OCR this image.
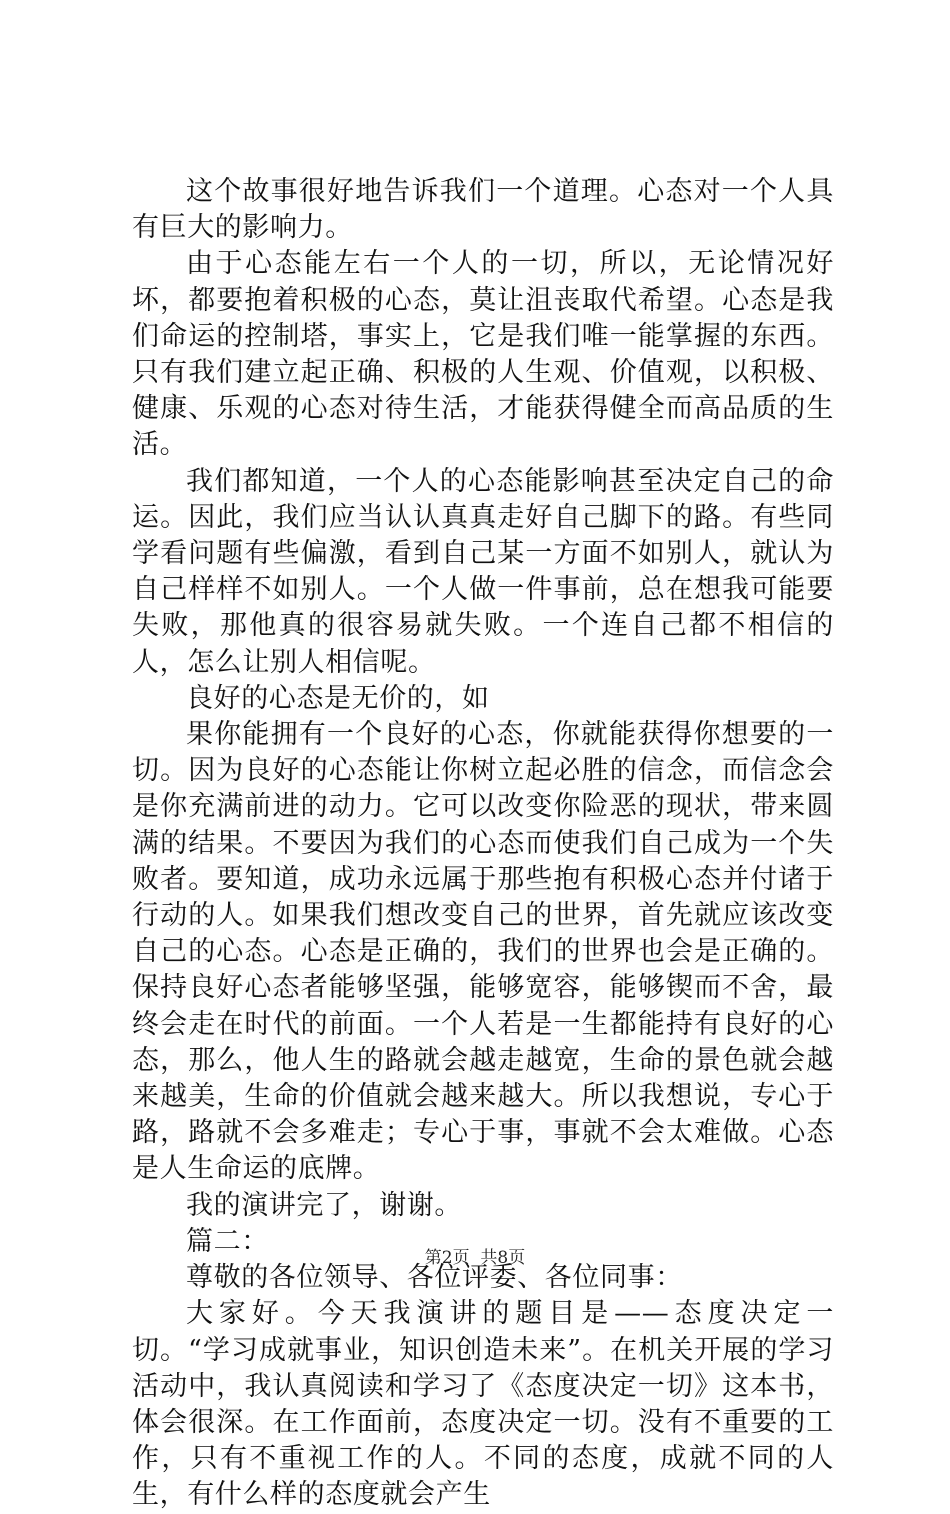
这个故事很好地告诉我们一个道理。心态对一个人具有巨大的影响力。

由于心态能左右一个人的一切，所以，无论情况好坏，都要抱着积极的心态，莫让沮丧取代希望。心态是我们命运的控制塔，事实上，它是我们唯一能掌握的东西。只有我们建立起正确、积极的人生观、价值观，以积极、健康、乐观的心态对待生活，才能获得健全而高品质的生活。

我们都知道，一个人的心态能影响甚至决定自己的命运。因此，我们应当认认真真走好自己脚下的路。有些同学看问题有些偏激，看到自己某一方面不如别人，就认为自己样样不如别人。一个人做一件事前，总在想我可能要失败，那他真的很容易就失败。一个连自己都不相信的人，怎么让别人相信呢。

良好的心态是无价的，如

果你能拥有一个良好的心态，你就能获得你想要的一切。因为良好的心态能让你树立起必胜的信念，而信念会是你充满前进的动力。它可以改变你险恶的现状，带来圆满的结果。不要因为我们的心态而使我们自己成为一个失败者。要知道，成功永远属于那些抱有积极心态并付诸于行动的人。如果我们想改变自己的世界，首先就应该改变自己的心态。心态是正确的，我们的世界也会是正确的。保持良好心态者能够坚强，能够宽容，能够锲而不舍，最终会走在时代的前面。一个人若是一生都能持有良好的心态，那么，他人生的路就会越走越宽，生命的景色就会越来越美，生命的价值就会越来越大。所以我想说，专心于路，路就不会多难走；专心于事，事就不会太难做。心态是人生命运的底牌。

我的演讲完了，谢谢。

篇二：

尊敬的各位领导、各位评委、各位同事：

大家好。今天我演讲的题目是——态度决定一切。“学习成就事业，知识创造未来”。在机关开展的学习活动中，我认真阅读和学习了《态度决定一切》这本书，体会很深。在工作面前，态度决定一切。没有不重要的工作，只有不重视工作的人。不同的态度，成就不同的人生，有什么样的态度就会产生

第2页 共8页
